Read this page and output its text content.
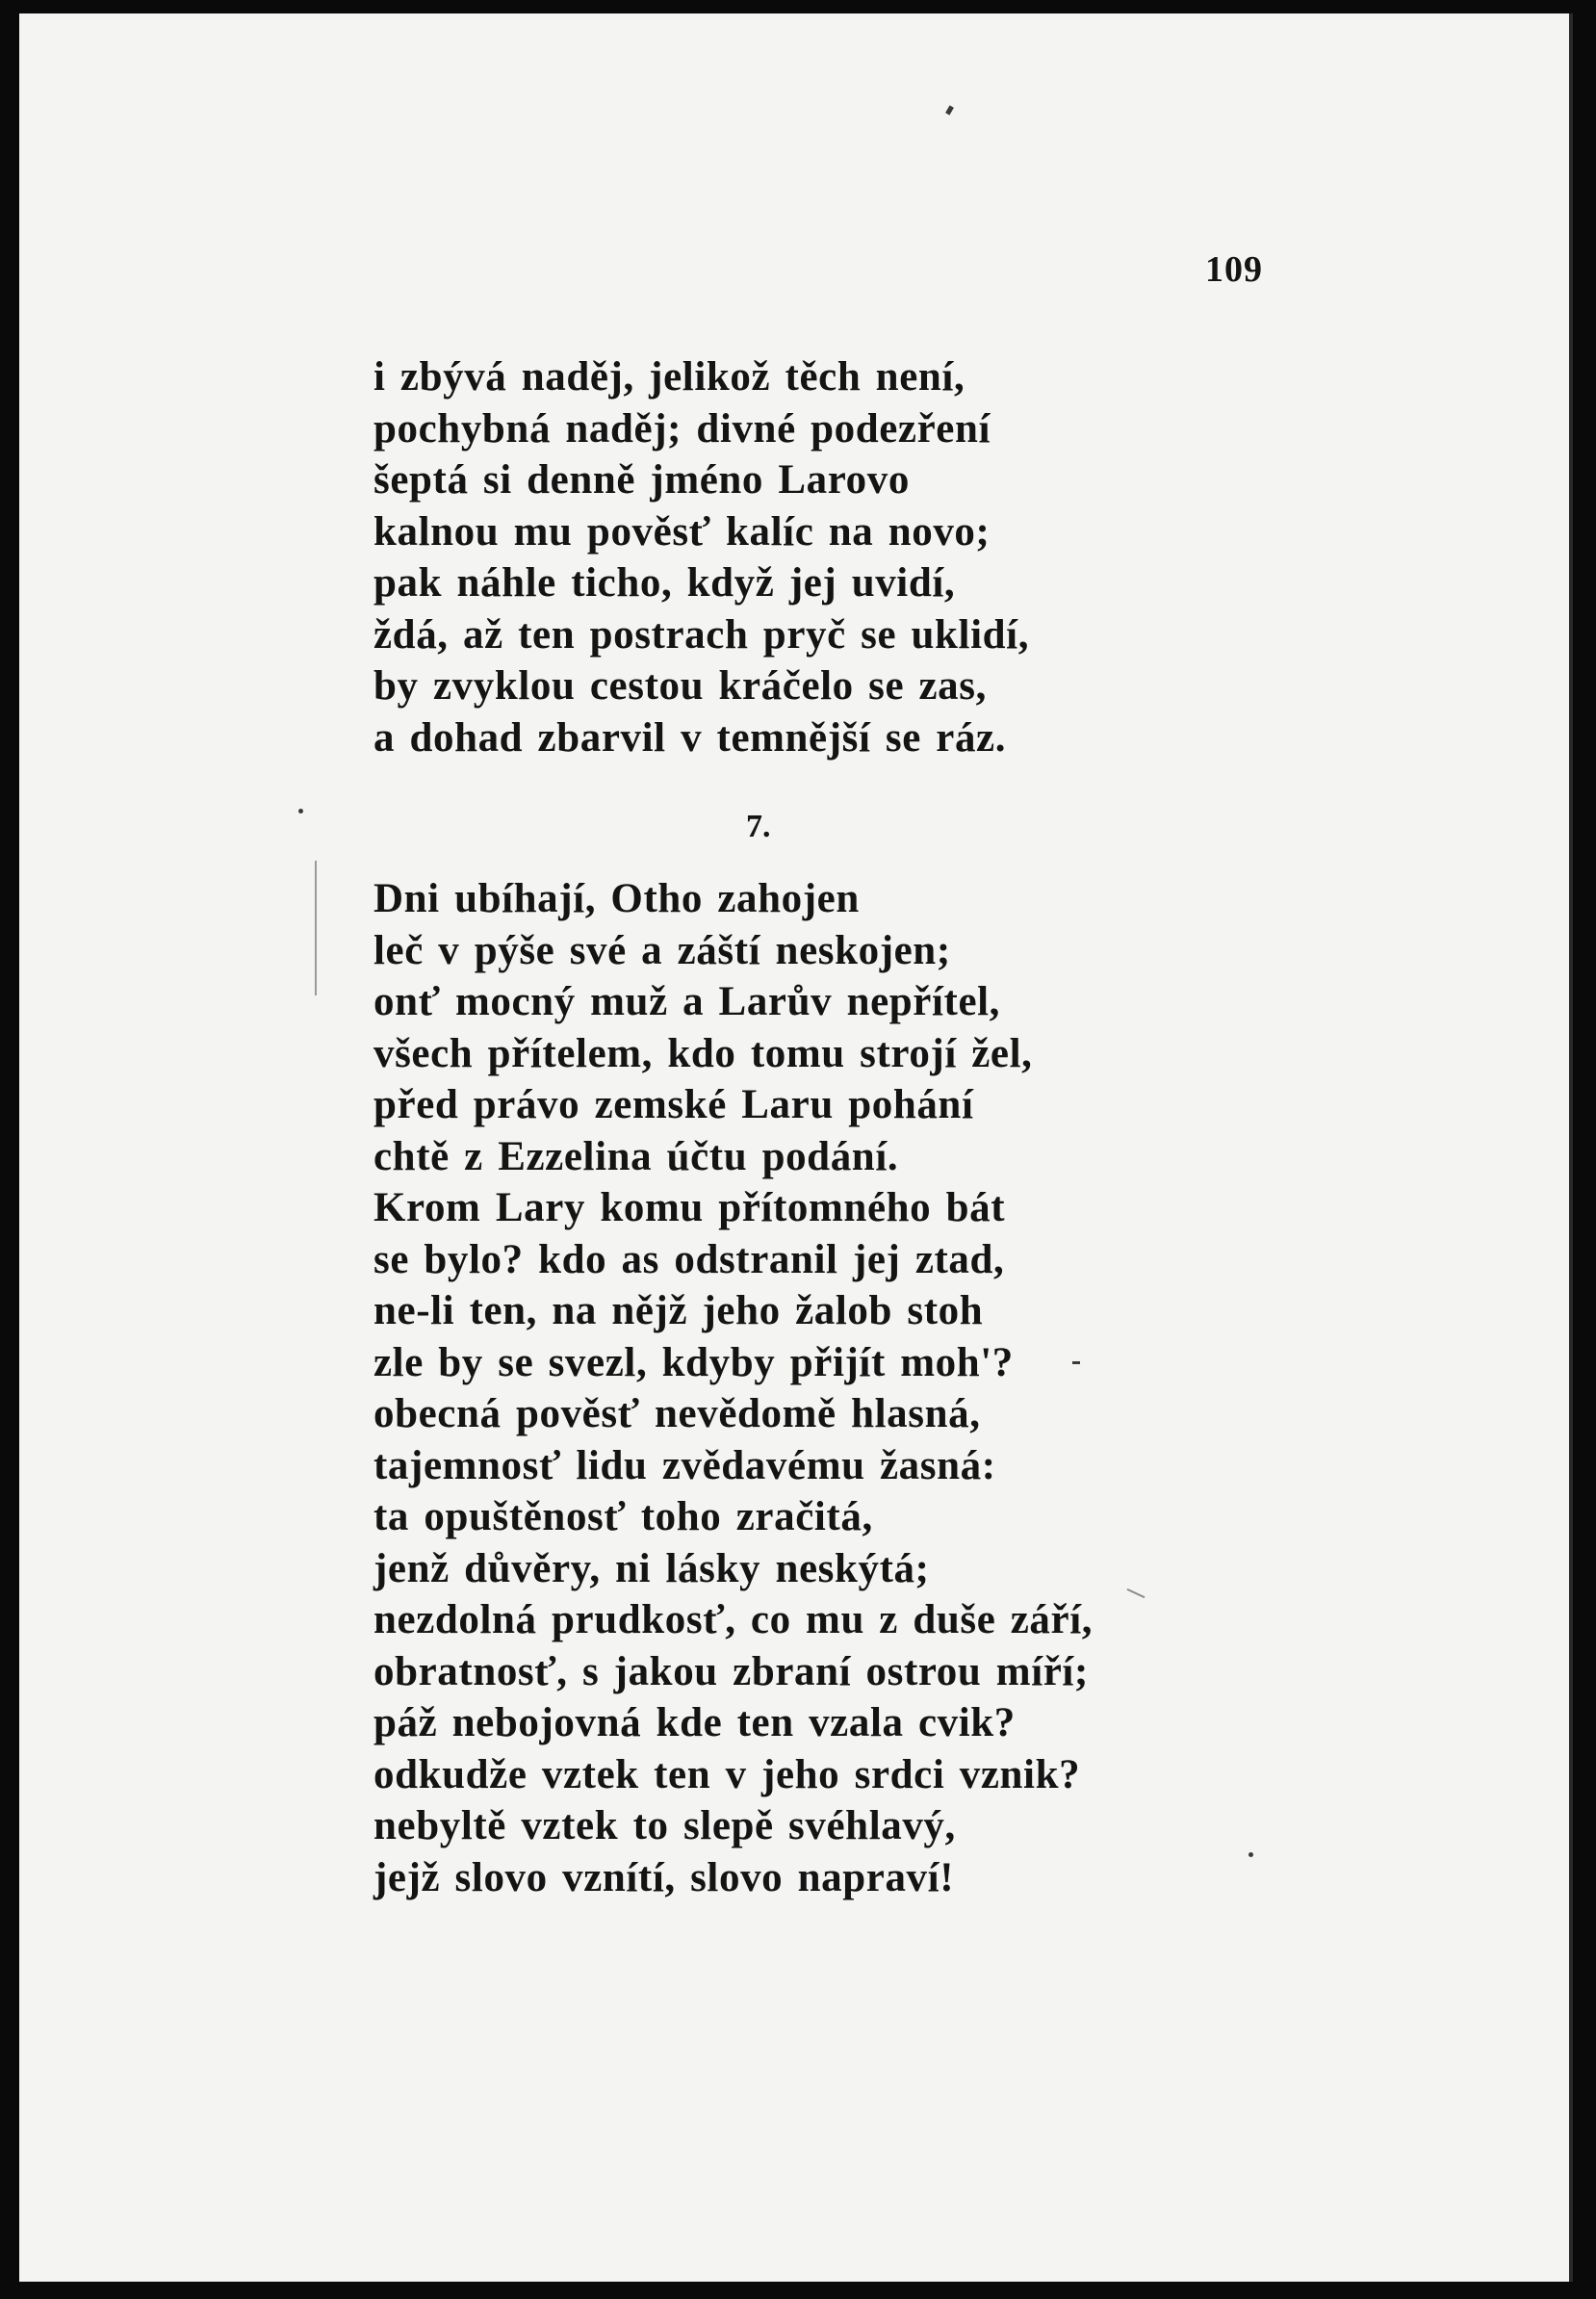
109
i zbývá naděj, jelikož těch není,
pochybná naděj; divné podezření
šeptá si denně jméno Larovo
kalnou mu pověsť kalíc na novo;
pak náhle ticho, když jej uvidí,
ždá, až ten postrach pryč se uklidí,
by zvyklou cestou kráčelo se zas,
a dohad zbarvil v temnější se ráz.
7.
Dni ubíhají, Otho zahojen
leč v pýše své a záští neskojen;
onť mocný muž a Larův nepřítel,
všech přítelem, kdo tomu strojí žel,
před právo zemské Laru pohání
chtě z Ezzelina účtu podání.
Krom Lary komu přítomného bát
se bylo? kdo as odstranil jej ztad,
ne-li ten, na nějž jeho žalob stoh
zle by se svezl, kdyby přijít moh'?
obecná pověsť nevědomě hlasná,
tajemnosť lidu zvědavému žasná:
ta opuštěnosť toho zračitá,
jenž důvěry, ni lásky neskýtá;
nezdolná prudkosť, co mu z duše září,
obratnosť, s jakou zbraní ostrou míří;
páž nebojovná kde ten vzala cvik?
odkudže vztek ten v jeho srdci vznik?
nebyltě vztek to slepě svéhlavý,
jejž slovo vznítí, slovo napraví!
